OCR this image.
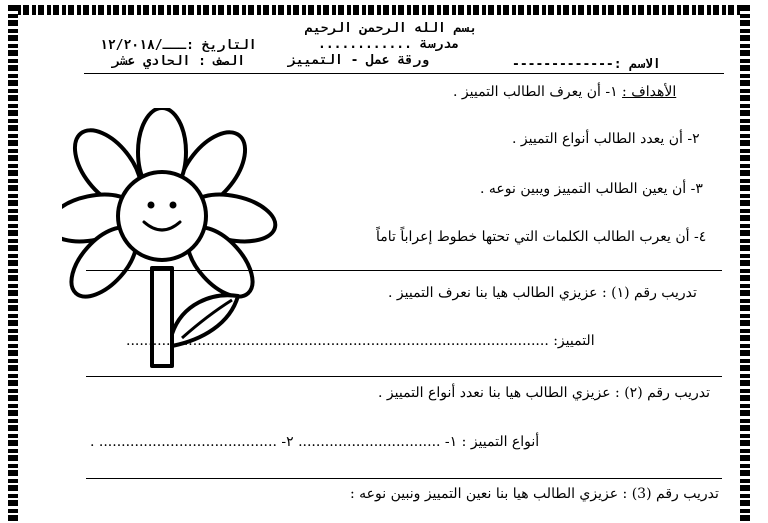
بسم الله الرحمن الرحيم
مدرسة ............
ورقة عمل - التمييز
التاريخ :ـــ/١٢/٢٠١٨
الصف : الحادي عشر	الاسم :-------------
الأهداف : ١- أن يعرف الطالب التمييز .
٢- أن يعدد الطالب أنواع التمييز .
٣- أن يعين الطالب التمييز ويبين نوعه .
٤- أن يعرب الطالب الكلمات التي تحتها خطوط إعراباً تاماً
تدريب رقم (١) : عزيزي الطالب هيا بنا نعرف التمييز .
التمييز: ...............................................................................................
تدريب رقم (٢) : عزيزي الطالب هيا بنا نعدد أنواع التمييز .
أنواع التمييز : ١- ................................ ٢- ........................................ .
تدريب رقم (3) : عزيزي الطالب هيا بنا نعين التمييز ونبين نوعه :
